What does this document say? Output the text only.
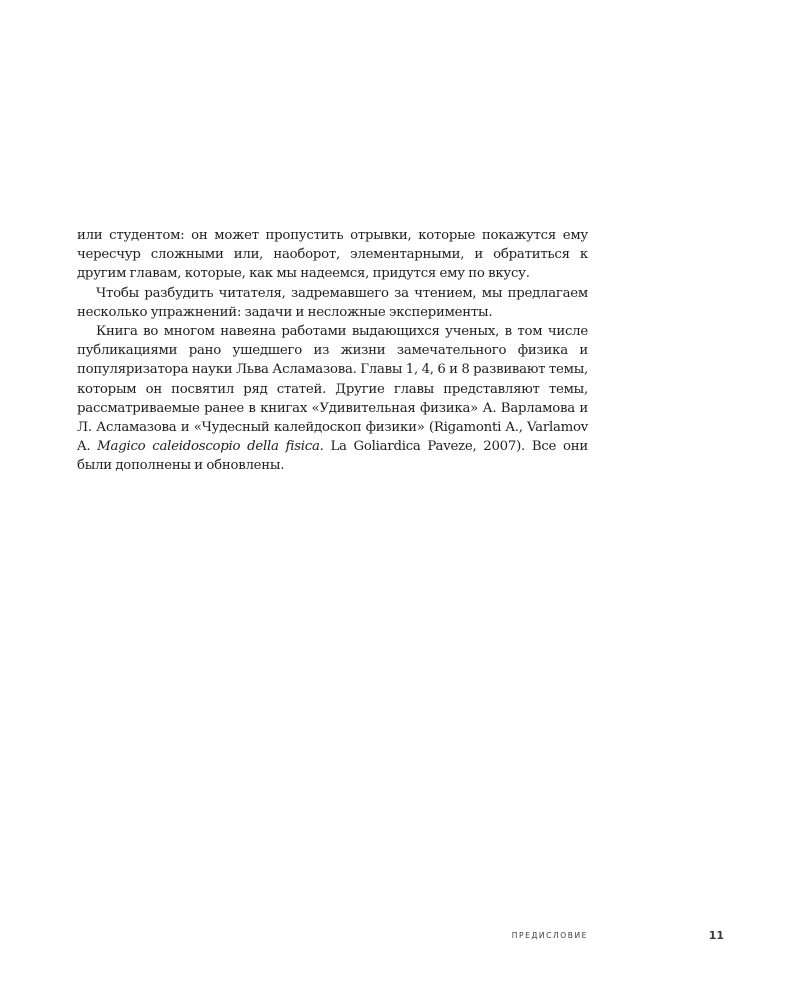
или студентом: он может пропустить отрывки, которые покажутся ему чересчур сложными или, наоборот, элементарными, и обратиться к другим главам, которые, как мы надеемся, придутся ему по вкусу.

Чтобы разбудить читателя, задремавшего за чтением, мы предлагаем несколько упражнений: задачи и несложные эксперименты.

Книга во многом навеяна работами выдающихся ученых, в том числе публикациями рано ушедшего из жизни замечательного физика и популяризатора науки Льва Асламазова. Главы 1, 4, 6 и 8 развивают темы, которым он посвятил ряд статей. Другие главы представляют темы, рассматриваемые ранее в книгах «Удивительная физика» А. Варламова и Л. Асламазова и «Чудесный калейдоскоп физики» (Rigamonti A., Varlamov A. Magico caleidoscopio della fisica. La Goliardica Paveze, 2007). Все они были дополнены и обновлены.

ПРЕДИСЛОВИЕ	11
